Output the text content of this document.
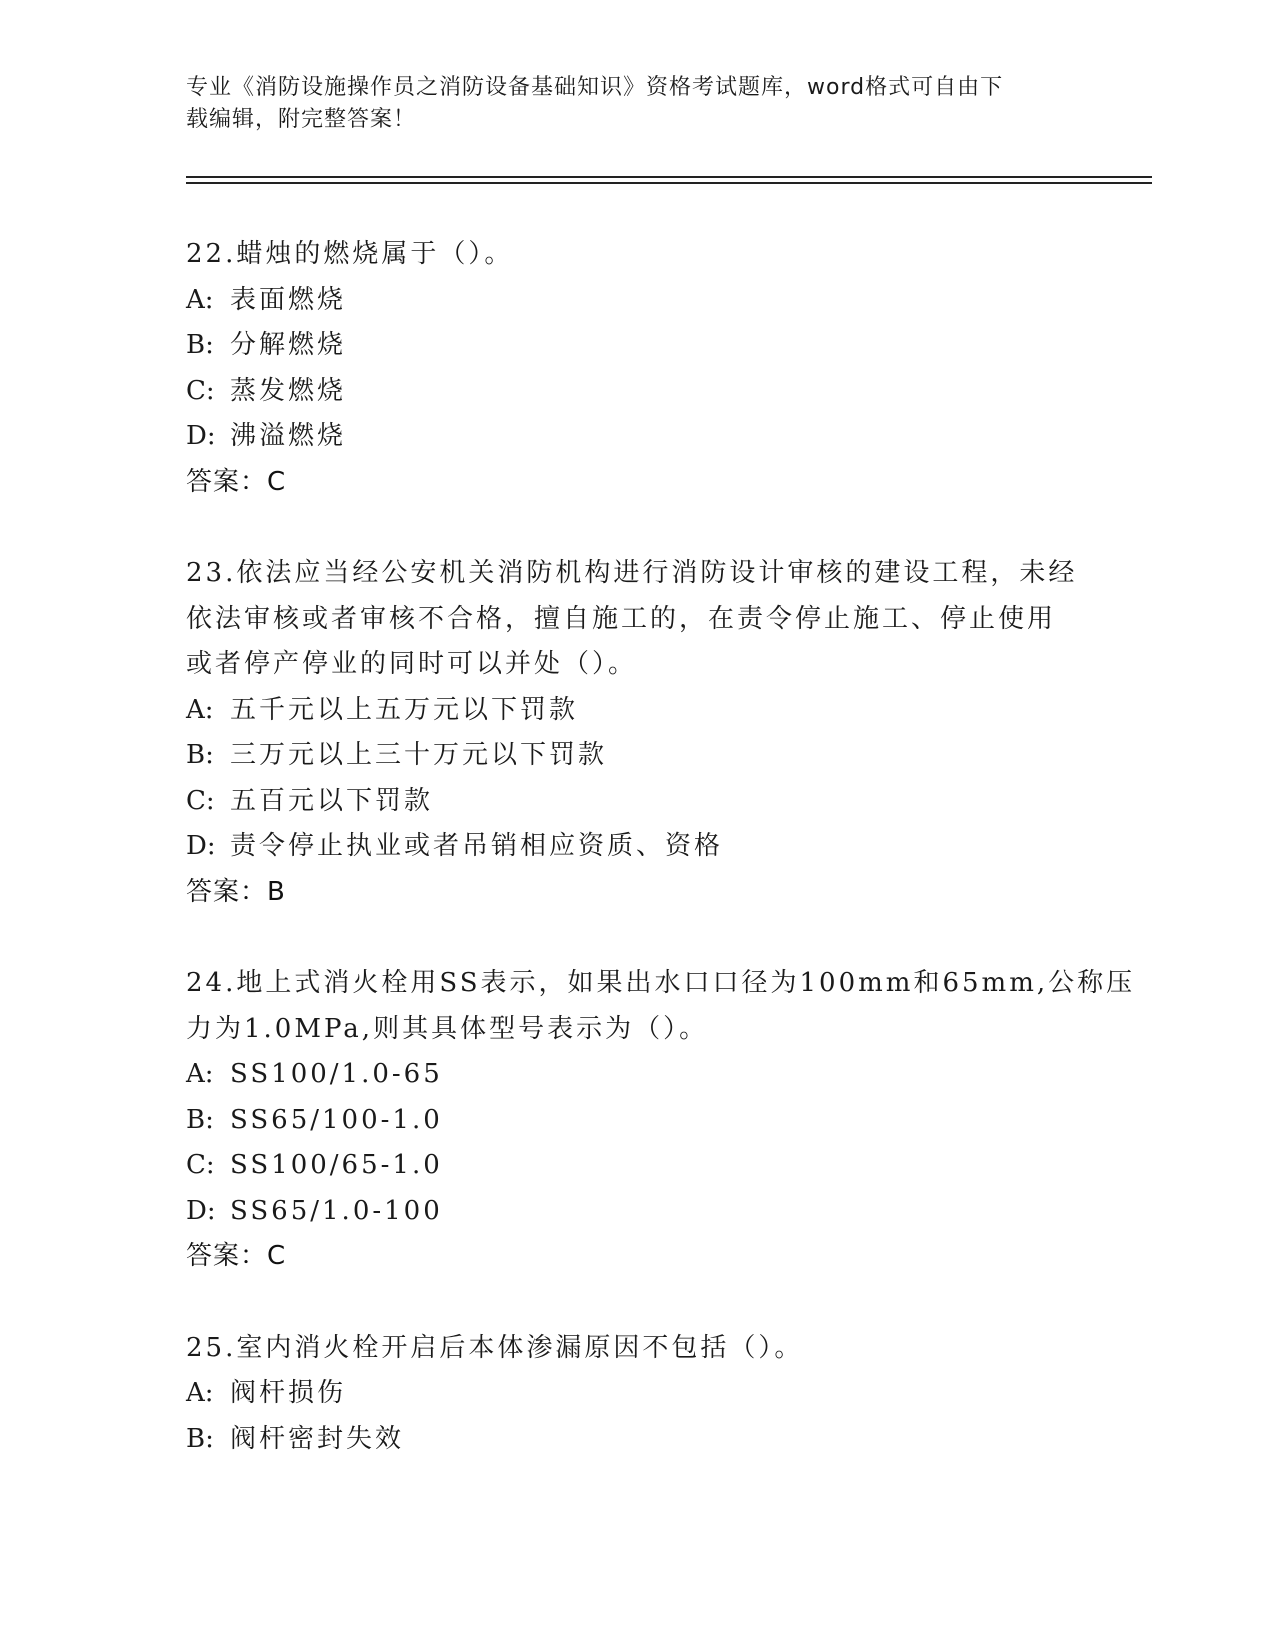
专业《消防设施操作员之消防设备基础知识》资格考试题库，word格式可自由下
载编辑，附完整答案！
22.蜡烛的燃烧属于（）。
A: 表面燃烧
B: 分解燃烧
C: 蒸发燃烧
D: 沸溢燃烧
答案：C
23.依法应当经公安机关消防机构进行消防设计审核的建设工程，未经
依法审核或者审核不合格，擅自施工的，在责令停止施工、停止使用
或者停产停业的同时可以并处（）。
A: 五千元以上五万元以下罚款
B: 三万元以上三十万元以下罚款
C: 五百元以下罚款
D: 责令停止执业或者吊销相应资质、资格
答案：B
24.地上式消火栓用SS表示，如果出水口口径为100mm和65mm,公称压
力为1.0MPa,则其具体型号表示为（）。
A: SS100/1.0-65
B: SS65/100-1.0
C: SS100/65-1.0
D: SS65/1.0-100
答案：C
25.室内消火栓开启后本体渗漏原因不包括（）。
A: 阀杆损伤
B: 阀杆密封失效
